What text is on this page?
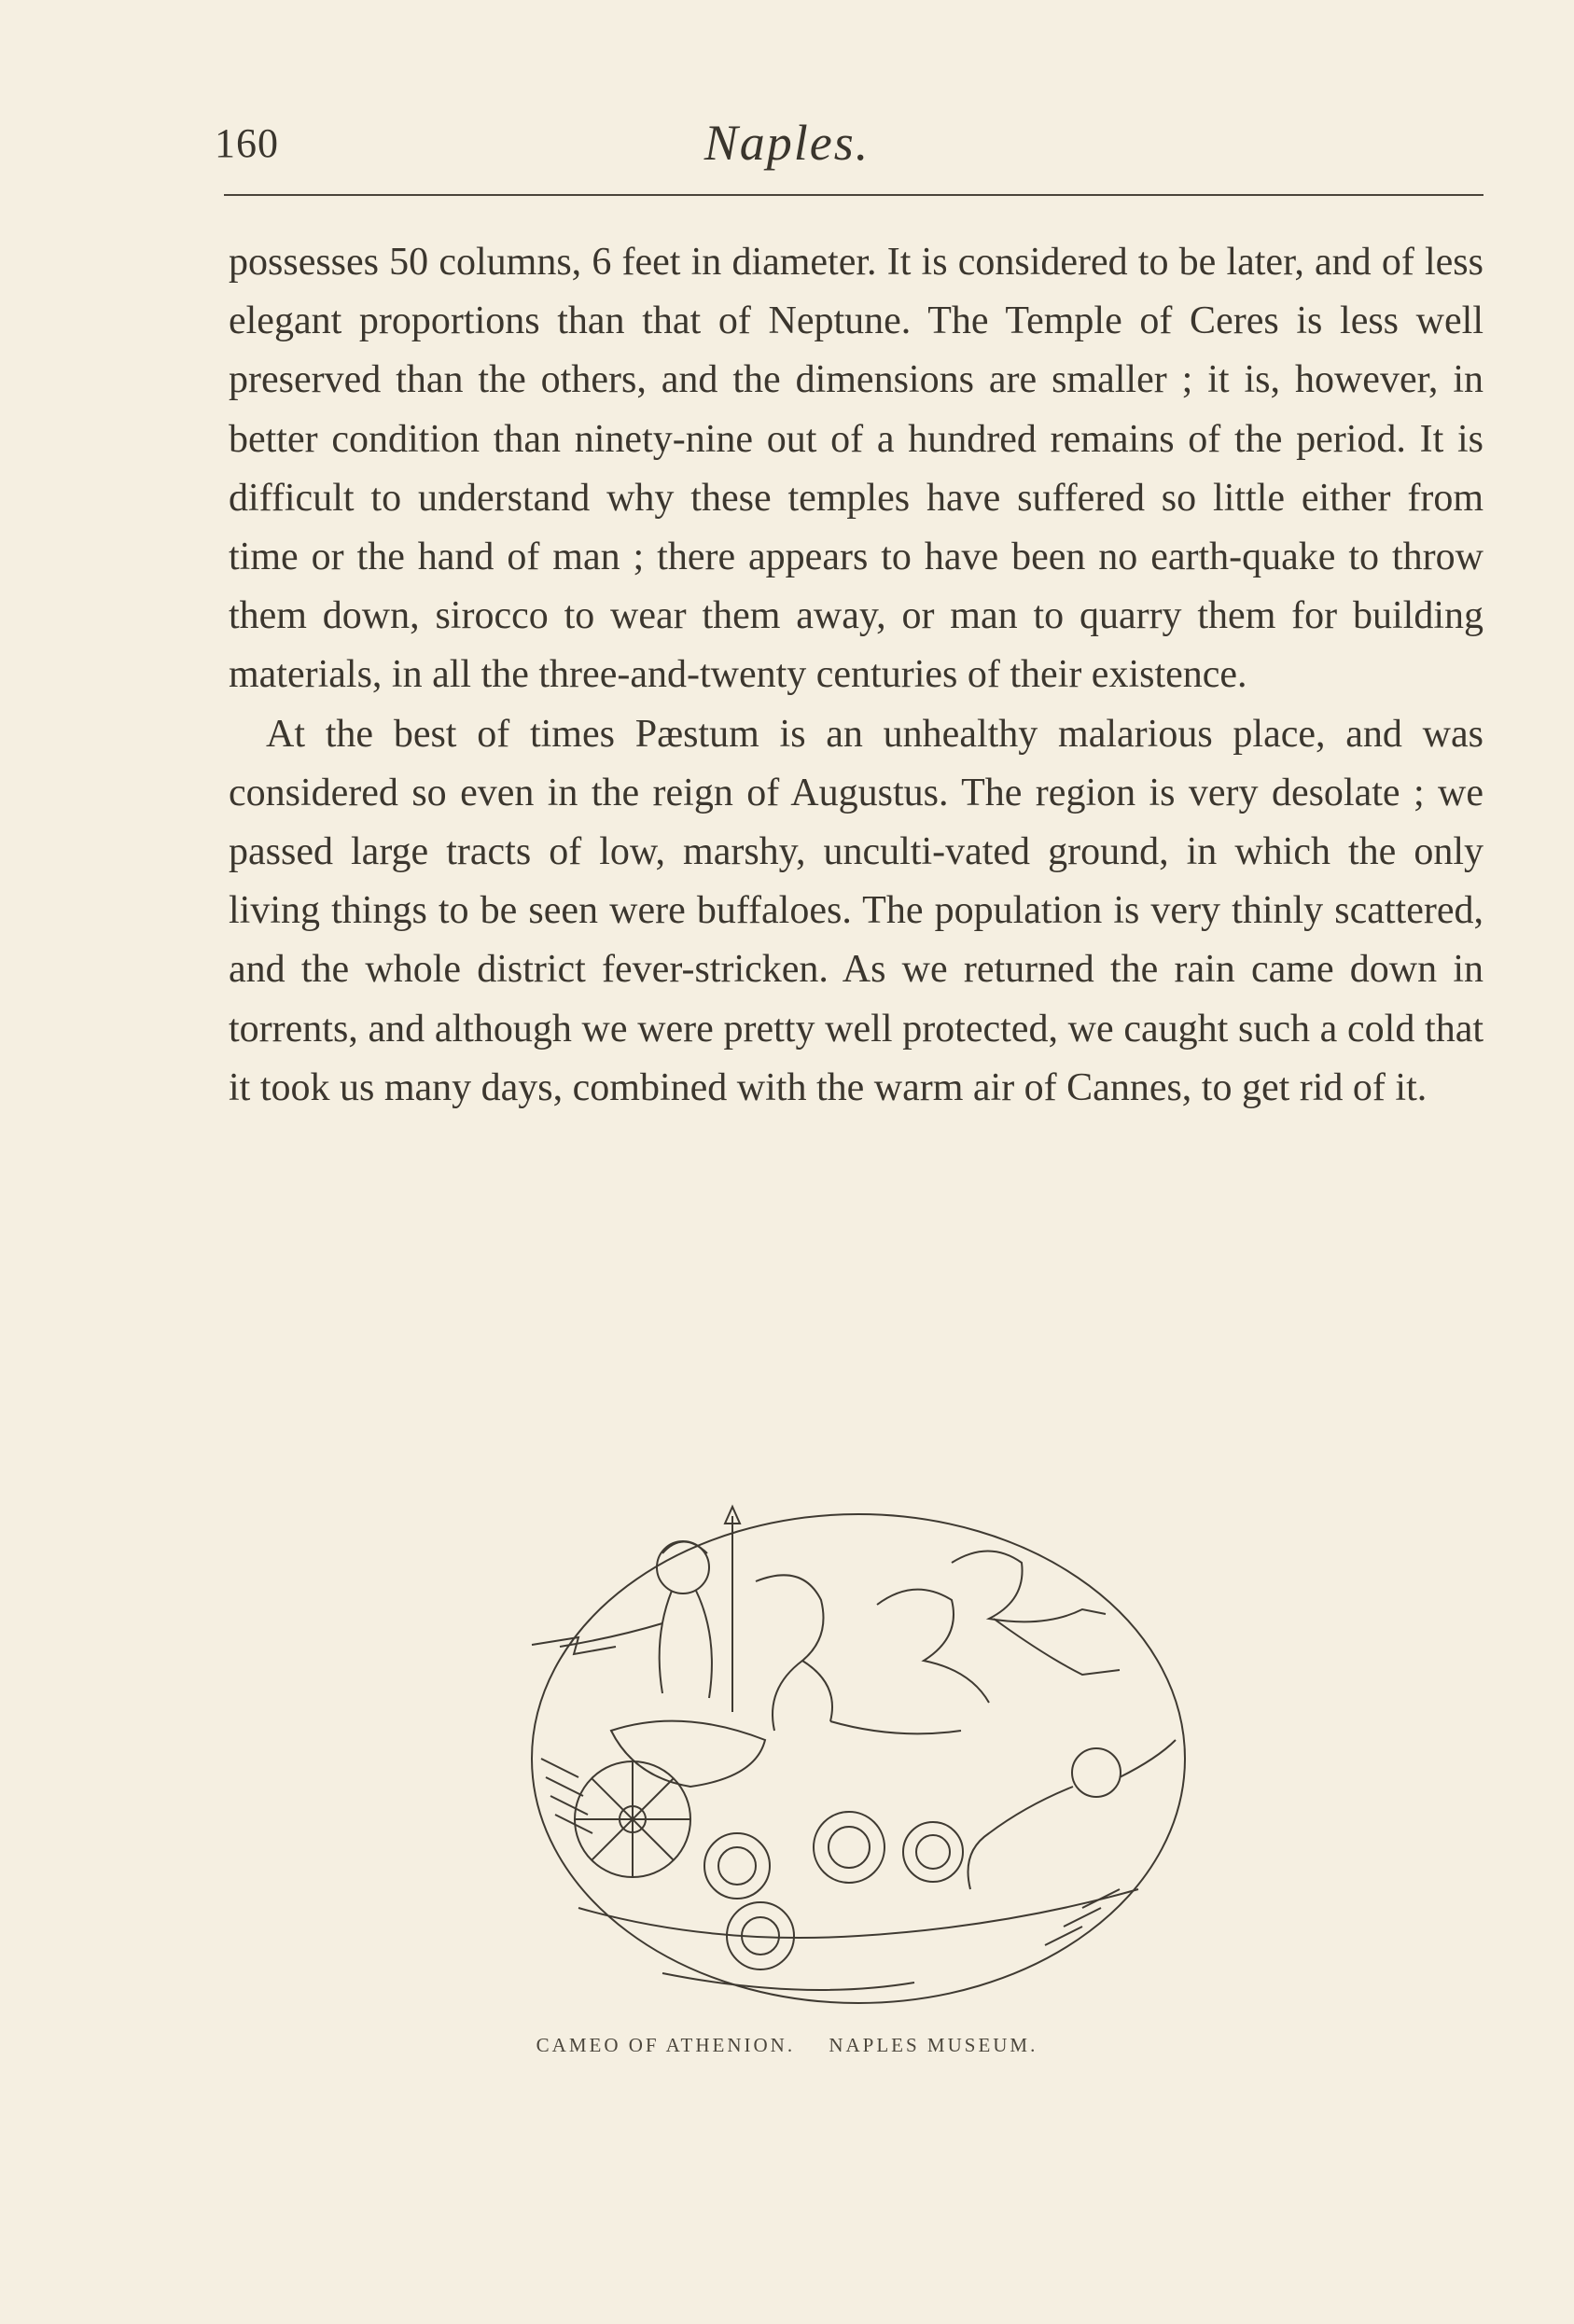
160	Naples.

possesses 50 columns, 6 feet in diameter. It is considered to be later, and of less elegant proportions than that of Neptune. The Temple of Ceres is less well preserved than the others, and the dimensions are smaller ; it is, however, in better condition than ninety-nine out of a hundred remains of the period. It is difficult to understand why these temples have suffered so little either from time or the hand of man ; there appears to have been no earth-quake to throw them down, sirocco to wear them away, or man to quarry them for building materials, in all the three-and-twenty centuries of their existence.

At the best of times Pæstum is an unhealthy malarious place, and was considered so even in the reign of Augustus. The region is very desolate ; we passed large tracts of low, marshy, unculti-vated ground, in which the only living things to be seen were buffaloes. The population is very thinly scattered, and the whole district fever-stricken. As we returned the rain came down in torrents, and although we were pretty well protected, we caught such a cold that it took us many days, combined with the warm air of Cannes, to get rid of it.

CAMEO OF ATHENION. NAPLES MUSEUM.
